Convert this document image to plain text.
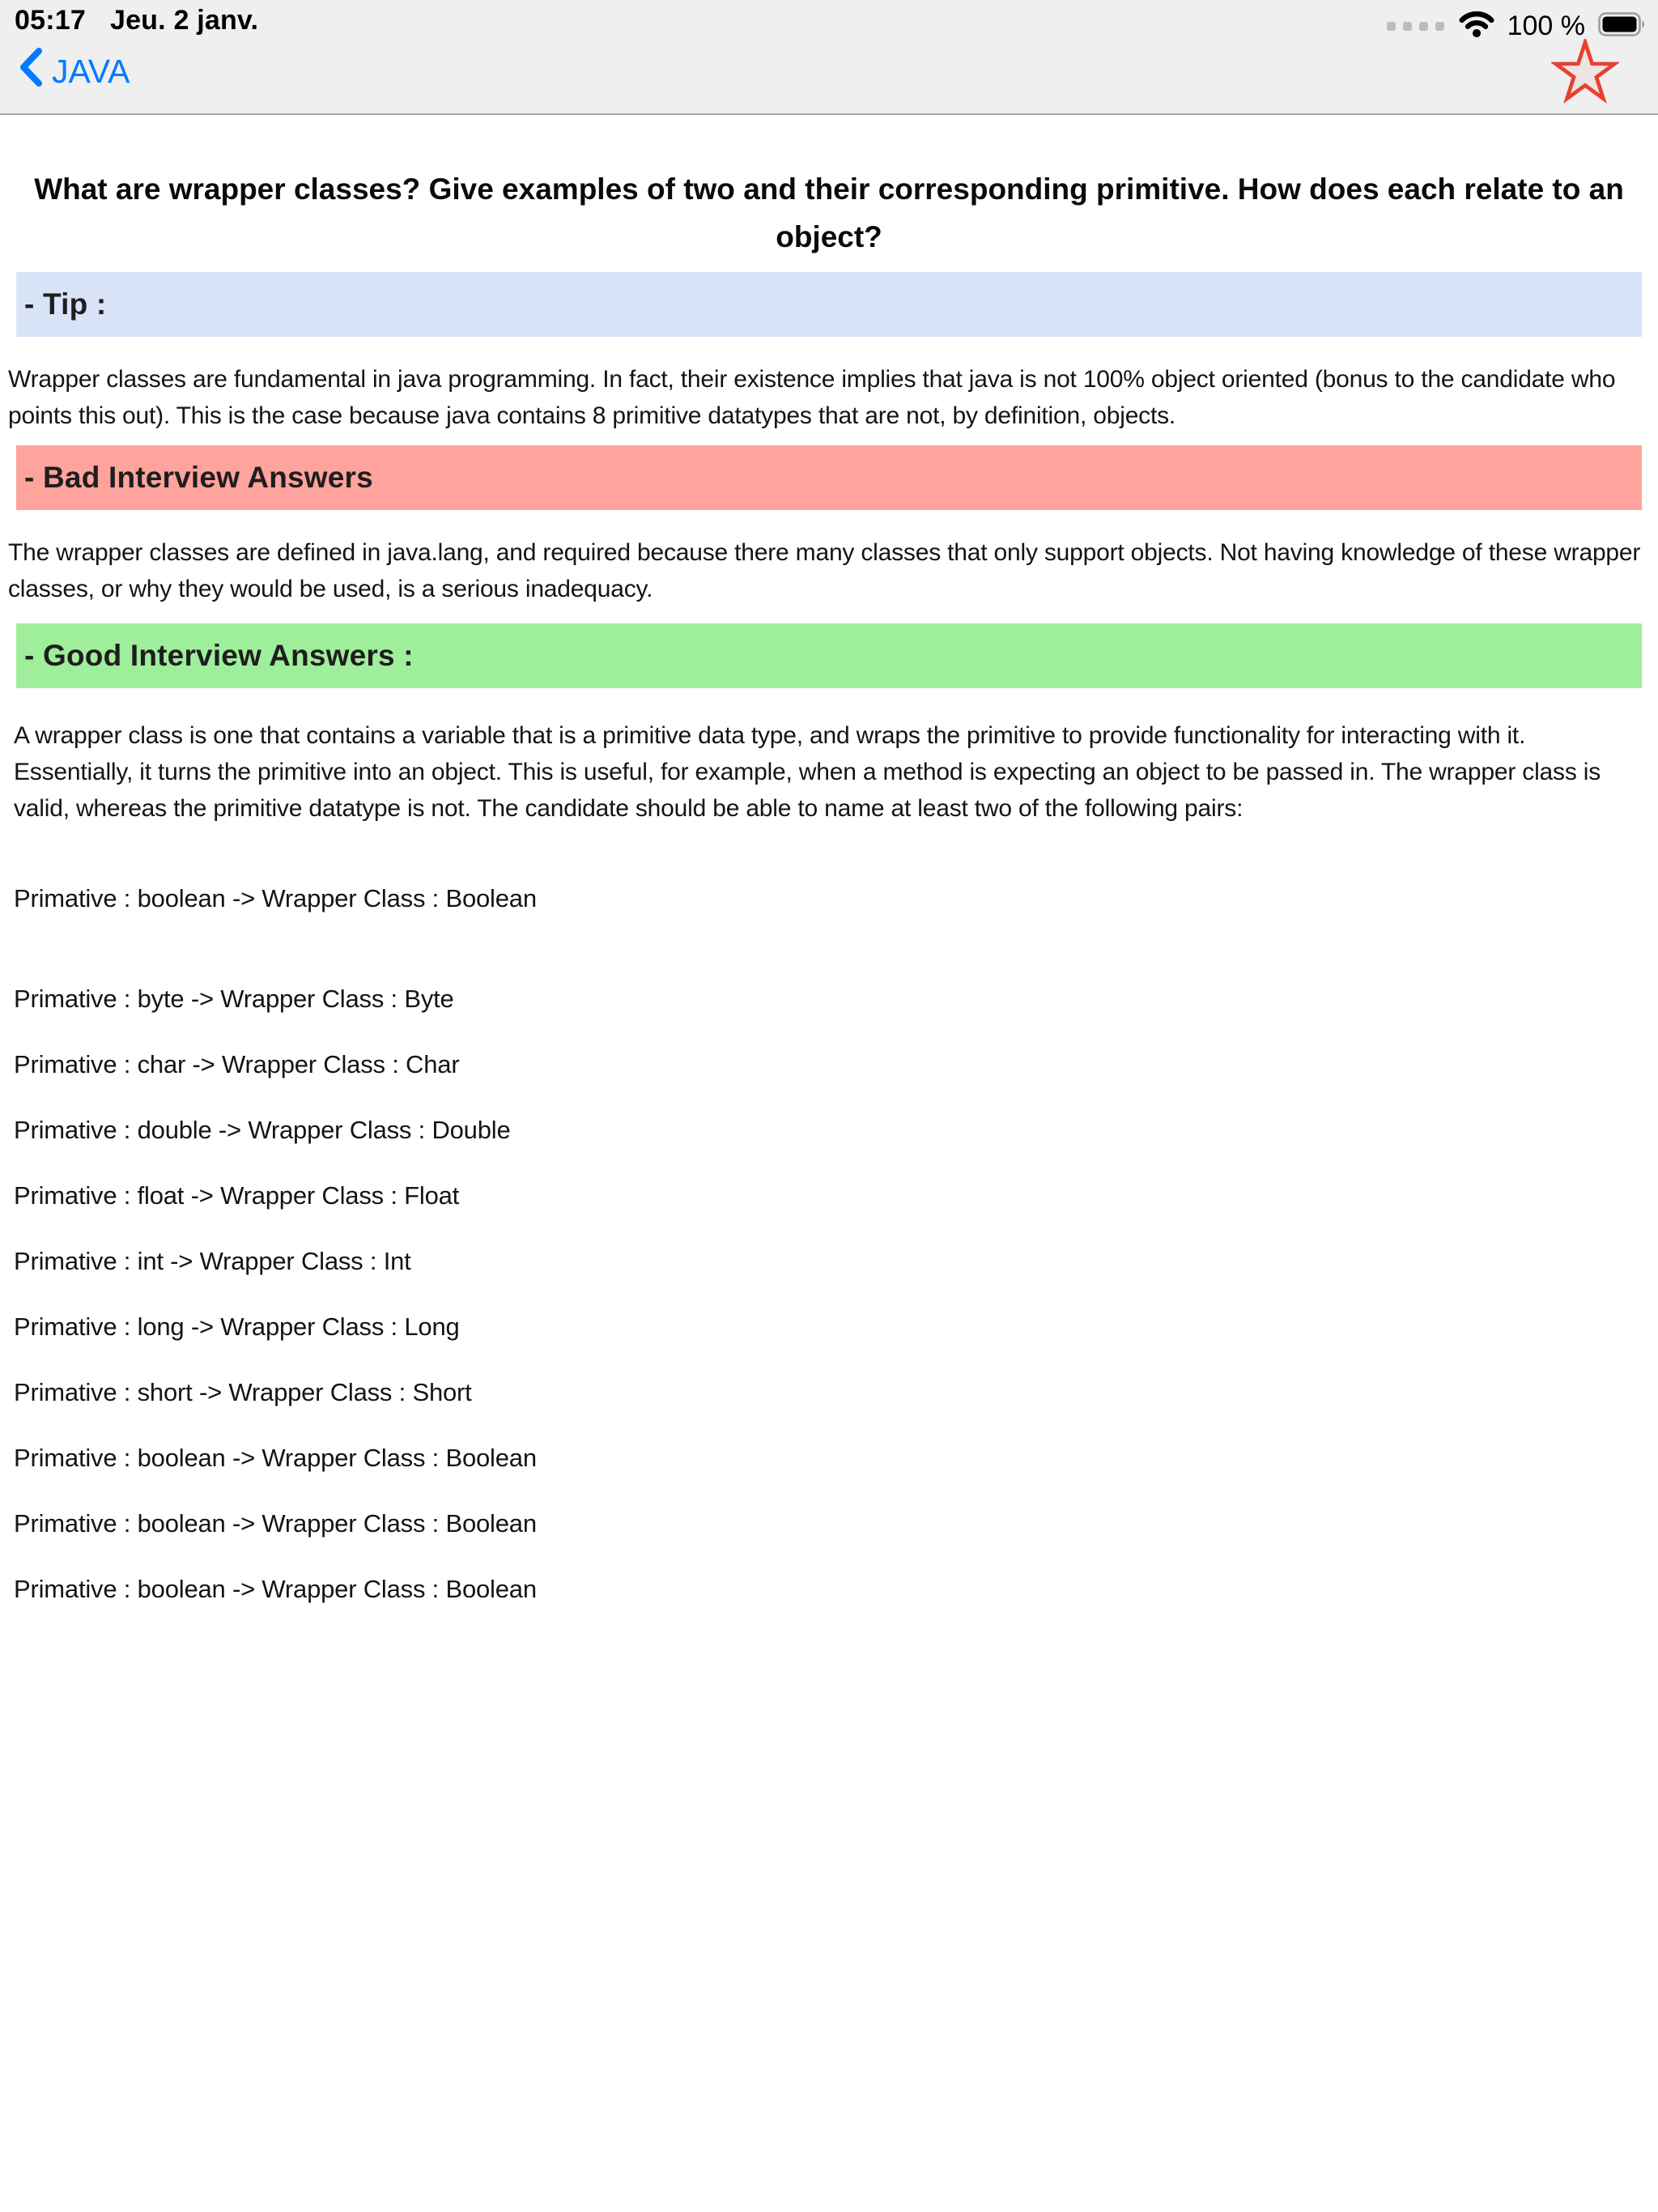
05:17 Jeu. 2 janv.	100 %
JAVA
What are wrapper classes? Give examples of two and their corresponding primitive. How does each relate to an object?
- Tip :
Wrapper classes are fundamental in java programming. In fact, their existence implies that java is not 100% object oriented (bonus to the candidate who points this out). This is the case because java contains 8 primitive datatypes that are not, by definition, objects.
- Bad Interview Answers
The wrapper classes are defined in java.lang, and required because there many classes that only support objects. Not having knowledge of these wrapper classes, or why they would be used, is a serious inadequacy.
- Good Interview Answers :
A wrapper class is one that contains a variable that is a primitive data type, and wraps the primitive to provide functionality for interacting with it. Essentially, it turns the primitive into an object. This is useful, for example, when a method is expecting an object to be passed in. The wrapper class is valid, whereas the primitive datatype is not. The candidate should be able to name at least two of the following pairs:
Primative : boolean -> Wrapper Class : Boolean
Primative : byte -> Wrapper Class : Byte
Primative : char -> Wrapper Class : Char
Primative : double -> Wrapper Class : Double
Primative : float -> Wrapper Class : Float
Primative : int -> Wrapper Class : Int
Primative : long -> Wrapper Class : Long
Primative : short -> Wrapper Class : Short
Primative : boolean -> Wrapper Class : Boolean
Primative : boolean -> Wrapper Class : Boolean
Primative : boolean -> Wrapper Class : Boolean
